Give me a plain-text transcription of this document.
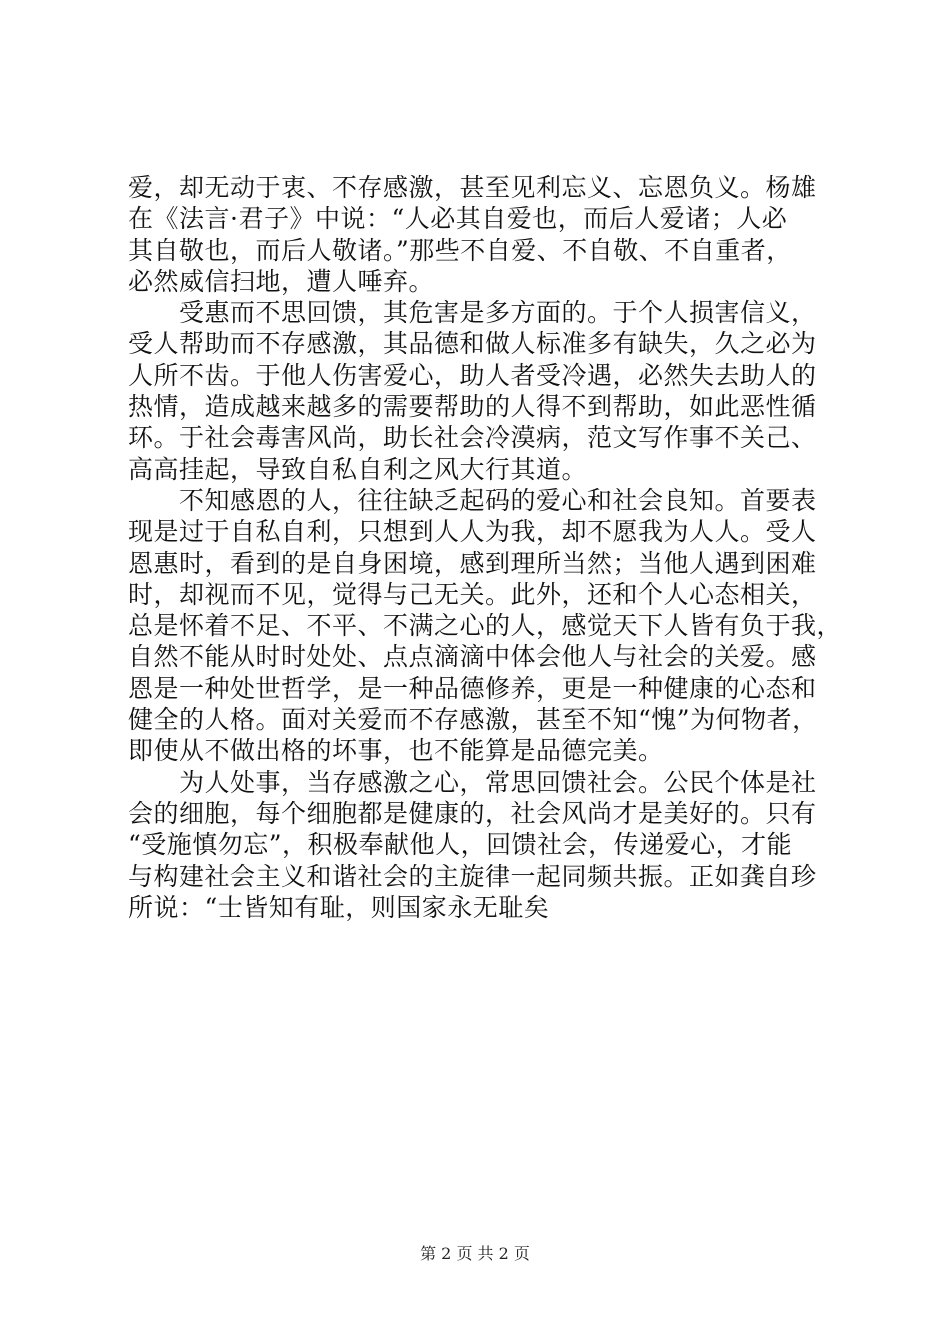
爱，却无动于衷、不存感激，甚至见利忘义、忘恩负义。杨雄
在《法言·君子》中说：“人必其自爱也，而后人爱诸；人必
其自敬也，而后人敬诸。”那些不自爱、不自敬、不自重者，
必然威信扫地，遭人唾弃。
　　受惠而不思回馈，其危害是多方面的。于个人损害信义，
受人帮助而不存感激，其品德和做人标准多有缺失，久之必为
人所不齿。于他人伤害爱心，助人者受冷遇，必然失去助人的
热情，造成越来越多的需要帮助的人得不到帮助，如此恶性循
环。于社会毒害风尚，助长社会冷漠病，范文写作事不关己、
高高挂起，导致自私自利之风大行其道。
　　不知感恩的人，往往缺乏起码的爱心和社会良知。首要表
现是过于自私自利，只想到人人为我，却不愿我为人人。受人
恩惠时，看到的是自身困境，感到理所当然；当他人遇到困难
时，却视而不见，觉得与己无关。此外，还和个人心态相关，
总是怀着不足、不平、不满之心的人，感觉天下人皆有负于我，
自然不能从时时处处、点点滴滴中体会他人与社会的关爱。感
恩是一种处世哲学，是一种品德修养，更是一种健康的心态和
健全的人格。面对关爱而不存感激，甚至不知“愧”为何物者，
即使从不做出格的坏事，也不能算是品德完美。
　　为人处事，当存感激之心，常思回馈社会。公民个体是社
会的细胞，每个细胞都是健康的，社会风尚才是美好的。只有
“受施慎勿忘”，积极奉献他人，回馈社会，传递爱心，才能
与构建社会主义和谐社会的主旋律一起同频共振。正如龚自珍
所说：“士皆知有耻，则国家永无耻矣
第 2 页 共 2 页
